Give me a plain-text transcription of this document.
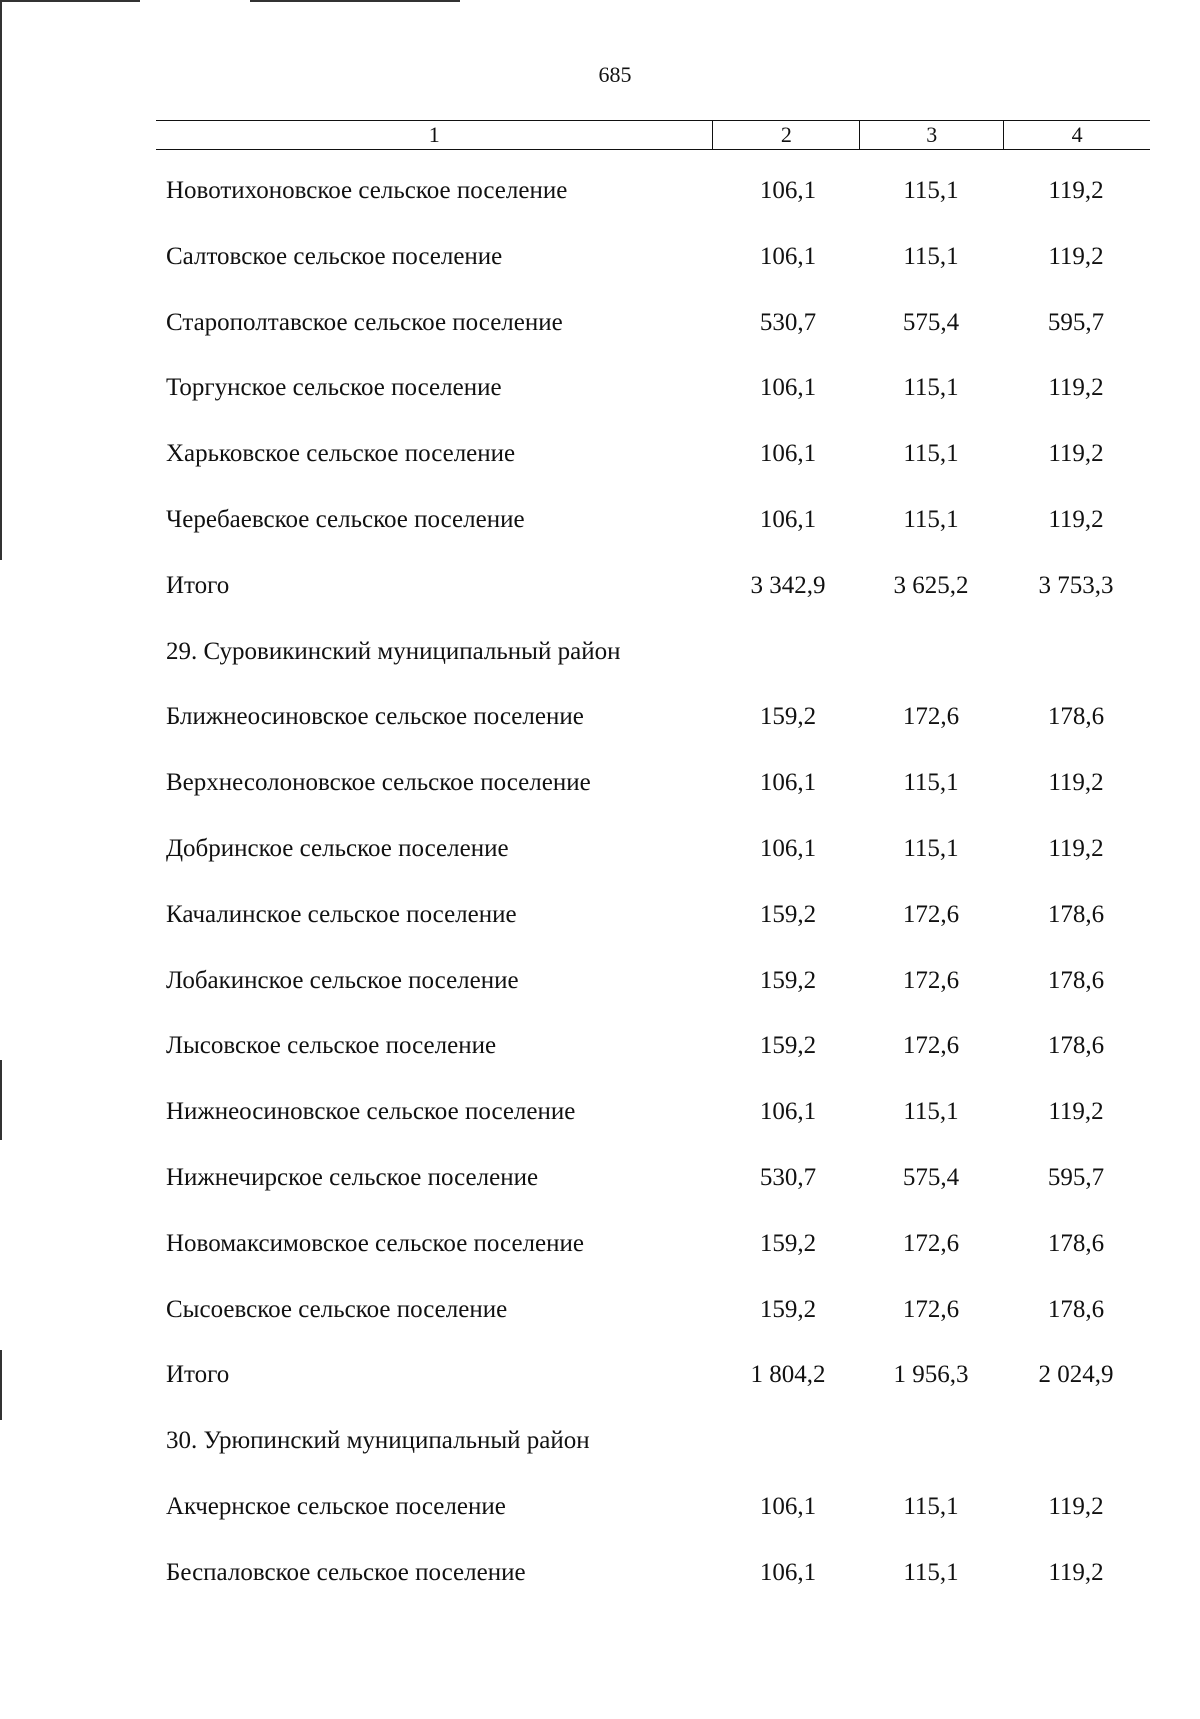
685
1	2	3	4
Новотихоновское сельское поселение	106,1	115,1	119,2
Салтовское сельское поселение	106,1	115,1	119,2
Старополтавское сельское поселение	530,7	575,4	595,7
Торгунское сельское поселение	106,1	115,1	119,2
Харьковское сельское поселение	106,1	115,1	119,2
Черебаевское сельское поселение	106,1	115,1	119,2
Итого	3 342,9	3 625,2	3 753,3
29. Суровикинский муниципальный район
Ближнеосиновское сельское поселение	159,2	172,6	178,6
Верхнесолоновское сельское поселение	106,1	115,1	119,2
Добринское сельское поселение	106,1	115,1	119,2
Качалинское сельское поселение	159,2	172,6	178,6
Лобакинское сельское поселение	159,2	172,6	178,6
Лысовское сельское поселение	159,2	172,6	178,6
Нижнеосиновское сельское поселение	106,1	115,1	119,2
Нижнечирское сельское поселение	530,7	575,4	595,7
Новомаксимовское сельское поселение	159,2	172,6	178,6
Сысоевское сельское поселение	159,2	172,6	178,6
Итого	1 804,2	1 956,3	2 024,9
30. Урюпинский муниципальный район
Акчернское сельское поселение	106,1	115,1	119,2
Беспаловское сельское поселение	106,1	115,1	119,2
